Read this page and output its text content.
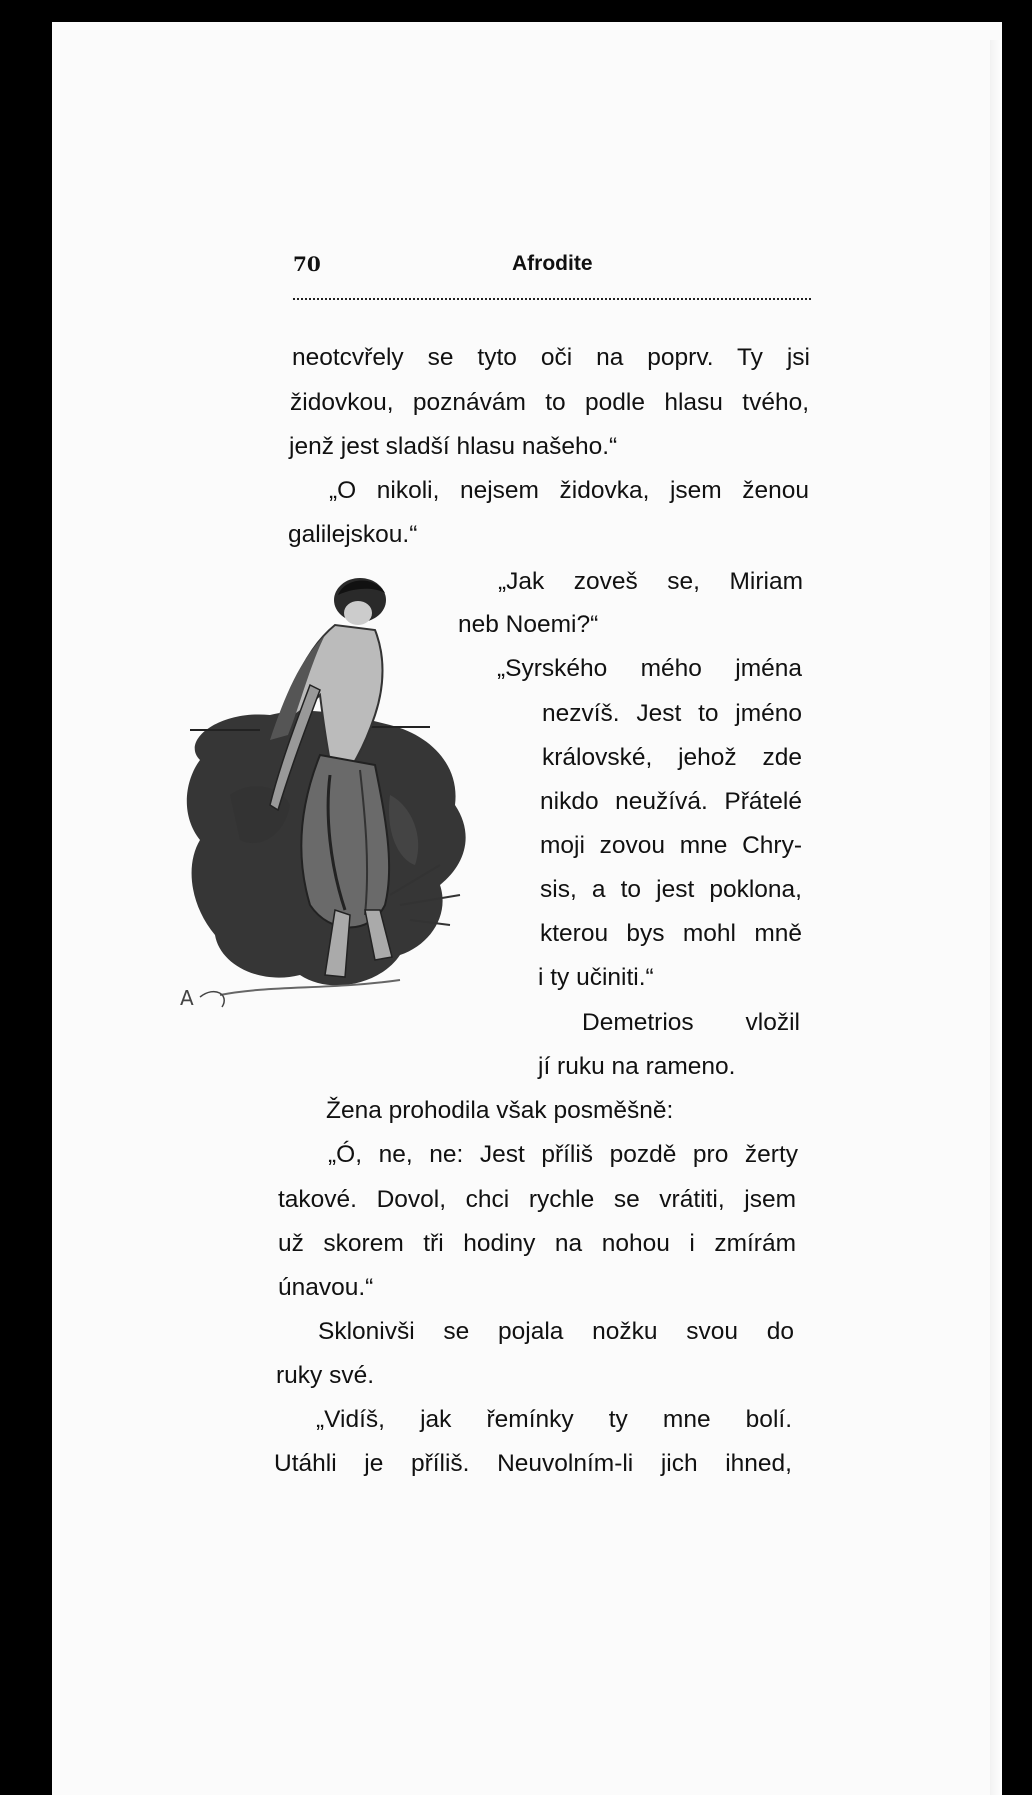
70	Afrodite
A
neotcvřely se tyto oči na poprv. Ty jsi
židovkou, poznávám to podle hlasu tvého,
jenž jest sladší hlasu našeho.“
„O nikoli, nejsem židovka, jsem ženou
galilejskou.“
„Jak zoveš se, Miriam
neb Noemi?“
„Syrského mého jména
nezvíš. Jest to jméno
královské, jehož zde
nikdo neužívá. Přátelé
moji zovou mne Chry-
sis, a to jest poklona,
kterou bys mohl mně
i ty učiniti.“
Demetrios vložil
jí ruku na rameno.
Žena prohodila však posměšně:
„Ó, ne, ne: Jest příliš pozdě pro žerty
takové. Dovol, chci rychle se vrátiti, jsem
už skorem tři hodiny na nohou i zmírám
únavou.“
Sklonivši se pojala nožku svou do
ruky své.
„Vidíš, jak řemínky ty mne bolí.
Utáhli je příliš. Neuvolním-li jich ihned,
